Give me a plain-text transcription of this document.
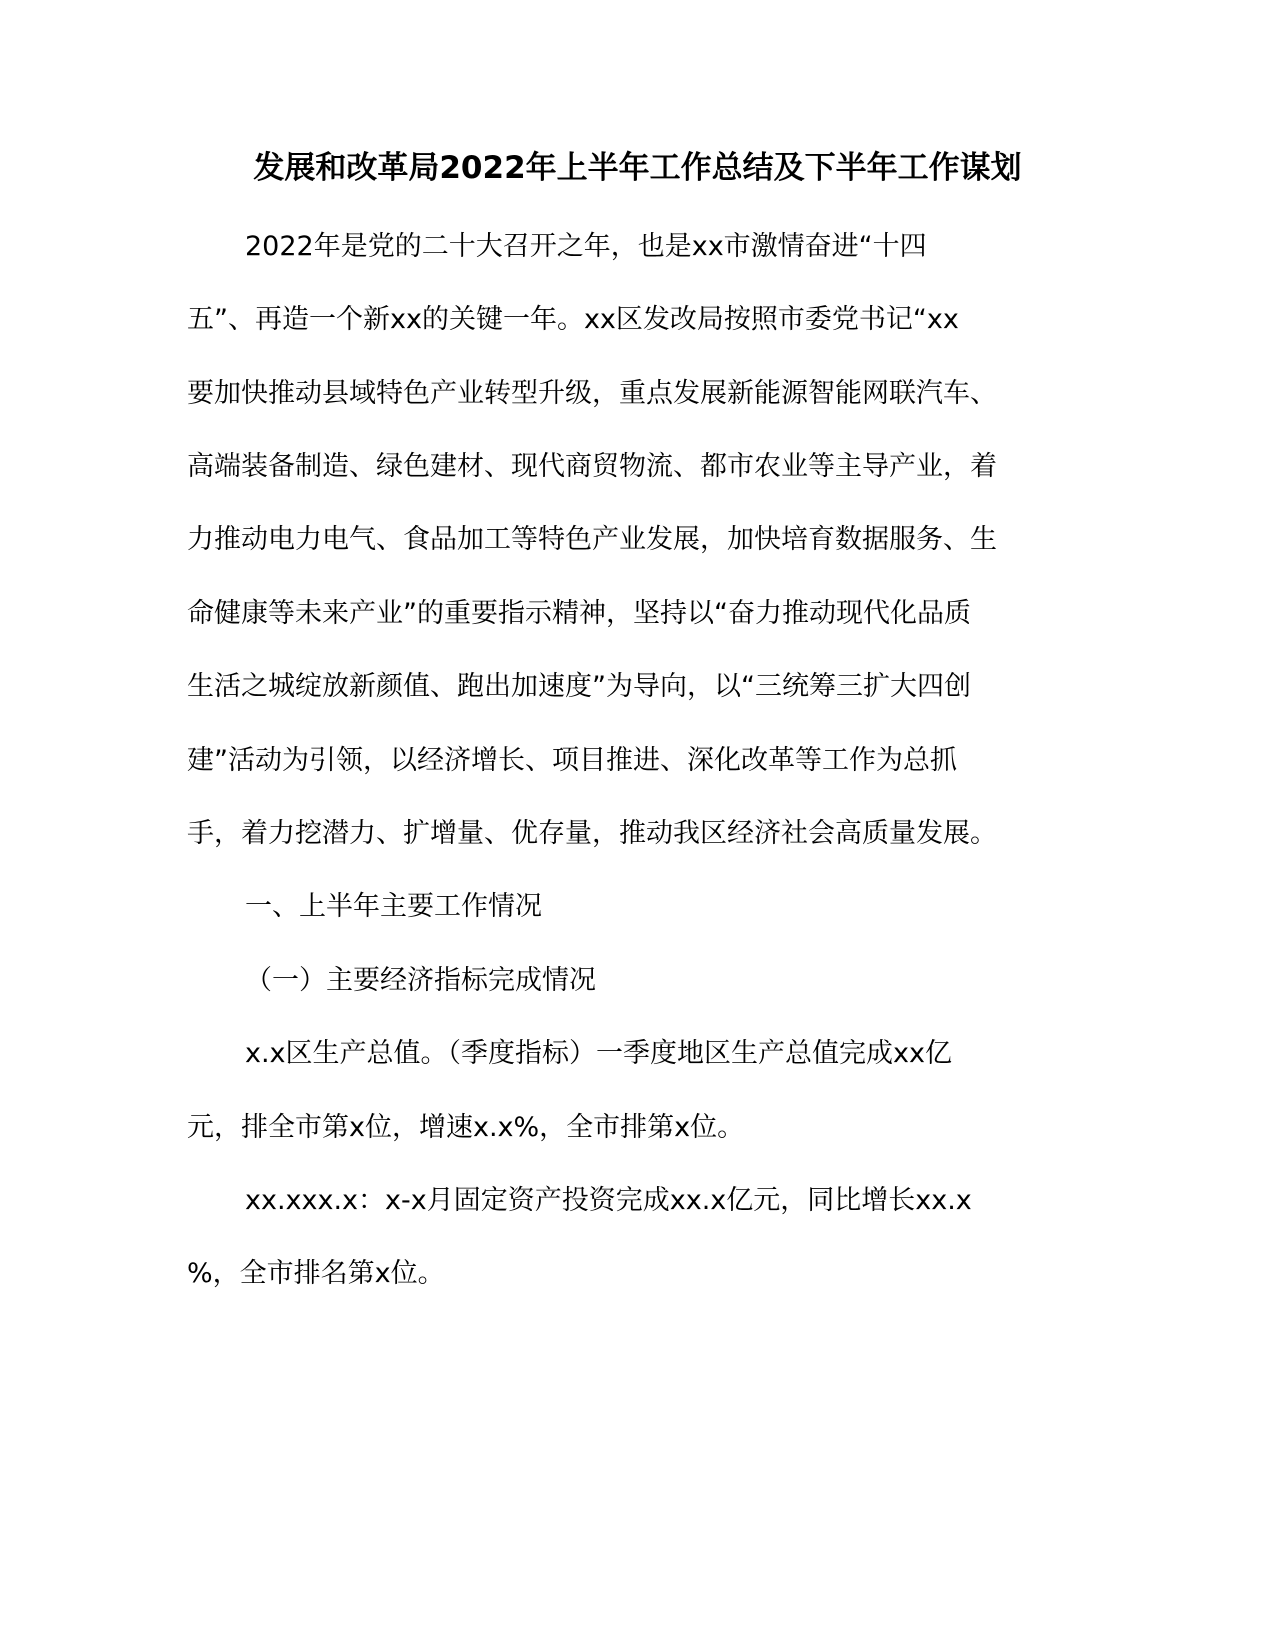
发展和改革局2022年上半年工作总结及下半年工作谋划
2022年是党的二十大召开之年，也是xx市激情奋进“十四
五”、再造一个新xx的关键一年。xx区发改局按照市委党书记“xx
要加快推动县域特色产业转型升级，重点发展新能源智能网联汽车、
高端装备制造、绿色建材、现代商贸物流、都市农业等主导产业，着
力推动电力电气、食品加工等特色产业发展，加快培育数据服务、生
命健康等未来产业”的重要指示精神，坚持以“奋力推动现代化品质
生活之城绽放新颜值、跑出加速度”为导向，以“三统筹三扩大四创
建”活动为引领，以经济增长、项目推进、深化改革等工作为总抓
手，着力挖潜力、扩增量、优存量，推动我区经济社会高质量发展。
一、上半年主要工作情况
（一）主要经济指标完成情况
x.x区生产总值。（季度指标）一季度地区生产总值完成xx亿
元，排全市第x位，增速x.x%，全市排第x位。
xx.xxx.x：x-x月固定资产投资完成xx.x亿元，同比增长xx.x
%，全市排名第x位。
